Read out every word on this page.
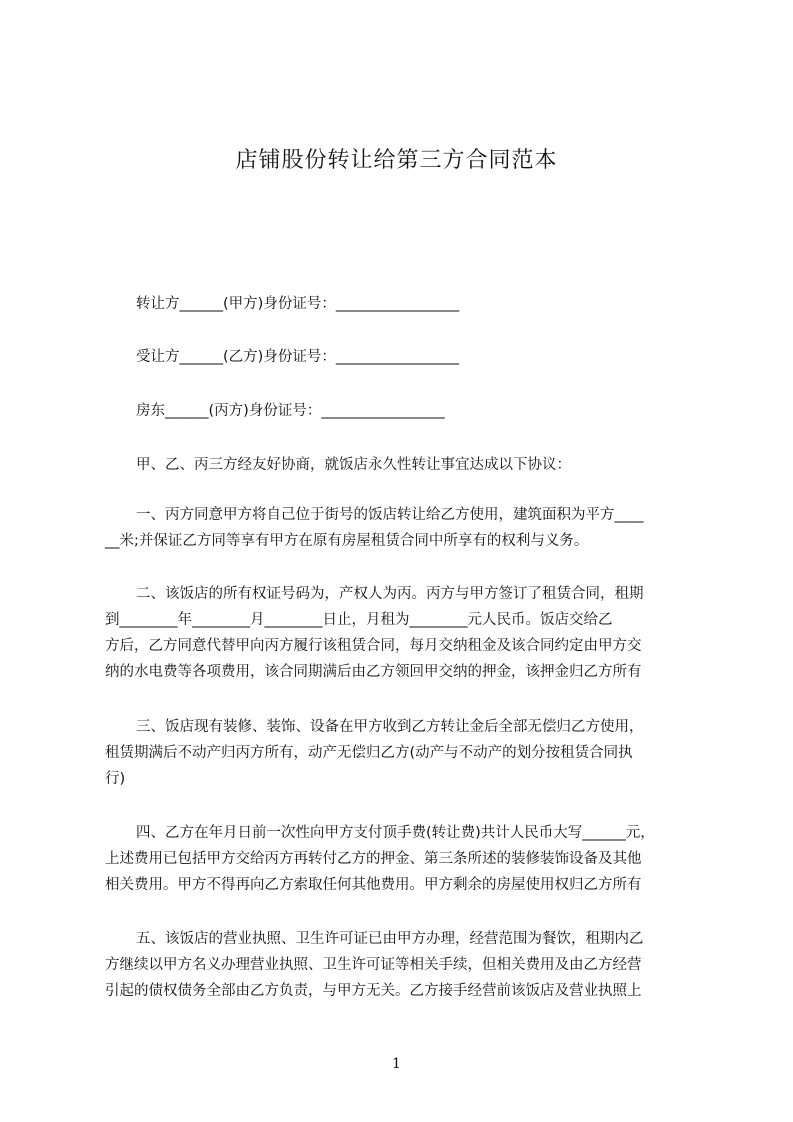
店铺股份转让给第三方合同范本
转让方______(甲方)身份证号：_________________
受让方______(乙方)身份证号：_________________
房东______(丙方)身份证号：_________________
甲、乙、丙三方经友好协商，就饭店永久性转让事宜达成以下协议：
一、丙方同意甲方将自己位于街号的饭店转让给乙方使用，建筑面积为平方____
__米;并保证乙方同等享有甲方在原有房屋租赁合同中所享有的权利与义务。
二、该饭店的所有权证号码为，产权人为丙。丙方与甲方签订了租赁合同，租期
到________年________月________日止，月租为________元人民币。饭店交给乙
方后，乙方同意代替甲向丙方履行该租赁合同，每月交纳租金及该合同约定由甲方交
纳的水电费等各项费用，该合同期满后由乙方领回甲交纳的押金，该押金归乙方所有
三、饭店现有装修、装饰、设备在甲方收到乙方转让金后全部无偿归乙方使用，
租赁期满后不动产归丙方所有，动产无偿归乙方(动产与不动产的划分按租赁合同执
行)
四、乙方在年月日前一次性向甲方支付顶手费(转让费)共计人民币大写______元，
上述费用已包括甲方交给丙方再转付乙方的押金、第三条所述的装修装饰设备及其他
相关费用。甲方不得再向乙方索取任何其他费用。甲方剩余的房屋使用权归乙方所有
五、该饭店的营业执照、卫生许可证已由甲方办理，经营范围为餐饮，租期内乙
方继续以甲方名义办理营业执照、卫生许可证等相关手续，但相关费用及由乙方经营
引起的债权债务全部由乙方负责，与甲方无关。乙方接手经营前该饭店及营业执照上
1
